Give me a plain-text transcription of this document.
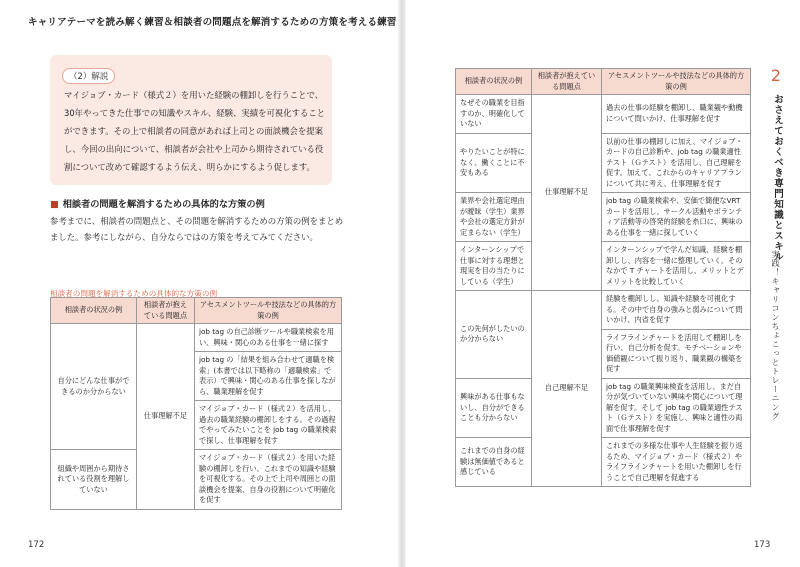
キャリアテーマを読み解く練習＆相談者の問題点を解消するための方策を考える練習
（2）解説
マイジョブ・カード（様式２）を用いた経験の棚卸しを行うことで、30年やってきた仕事での知識やスキル、経験、実績を可視化することができます。その上で相談者の同意があれば上司との面談機会を提案し、今回の出向について、相談者が会社や上司から期待されている役割について改めて確認するよう伝え、明らかにするよう促します。
■ 相談者の問題を解消するための具体的な方策の例
参考までに、相談者の問題点と、その問題を解消するための方策の例をまとめました。参考にしながら、自分ならではの方策を考えてみてください。
相談者の問題を解消するための具体的な方策の例
相談者の状況の例	相談者が抱えている問題点	アセスメントツールや技法などの具体的方策の例
自分にどんな仕事ができるのか分からない	仕事理解不足	job tag の自己診断ツールや職業検索を用い、興味・関心のある仕事を一緒に探す
		job tag の「結果を組み合わせて適職を検索」(本書では以下略称の「適職検索」で表示）で興味・関心のある仕事を探しながら、職業理解を促す
		マイジョブ・カード（様式２）を活用し、過去の職業経験の棚卸しをする。その過程でやってみたいことを job tag の職業検索で探し、仕事理解を促す
組織や周囲から期待されている役割を理解していない		マイジョブ・カード（様式２）を用いた経験の棚卸しを行い、これまでの知識や経験を可視化する。その上で上司や周囲との面談機会を提案、自身の役割について明確化を促す
172
相談者の状況の例	相談者が抱えている問題点	アセスメントツールや技法などの具体的方策の例
なぜその職業を目指すのか、明確化していない	仕事理解不足	過去の仕事の経験を棚卸し、職業観や動機について問いかけ、仕事理解を促す
やりたいことが特になく、働くことに不安もある		以前の仕事の棚卸しに加え、マイジョブ・カードの自己診断や、job tag の職業適性テスト（Ｇテスト）を活用し、自己理解を促す。加えて、これからのキャリアプランについて共に考え、仕事理解を促す
業界や会社選定理由が曖昧（学生）業界や会社の選定方針が定まらない（学生）		job tag の職業検索や、安価で簡便なVRT カードを活用し、サークル活動やボランティア活動等の啓発的経験を糸口に、興味のある仕事を一緒に探していく
インターンシップで仕事に対する理想と現実を目の当たりにしている（学生）		インターンシップで学んだ知識、経験を棚卸しし、内容を一緒に整理していく。そのなかで T チャートを活用し、メリットとデメリットを比較していく
この先何がしたいのか分からない	自己理解不足	経験を棚卸しし、知識や経験を可視化する。その中で自身の強みと弱みについて問いかけ、内省を促す
		ライフラインチャートを活用して棚卸しを行い、自己分析を促す。モチベーションや価値観について振り返り、職業観の構築を促す
興味がある仕事もないし、自分ができることも分からない		job tag の職業興味検査を活用し、まだ自分が気づいていない興味や関心について理解を促す。そして job tag の職業適性テスト（Ｇテスト）を実施し、興味と適性の両面で仕事理解を促す
これまでの自身の経験は無価値であると感じている		これまでの多様な仕事や人生経験を振り返るため、マイジョブ・カード（様式２）やライフラインチャートを用いた棚卸しを行うことで自己理解を促進する
2
おさえておくべき専門知識とスキル
実践！キャリコンちょこっとトレーニング
173
